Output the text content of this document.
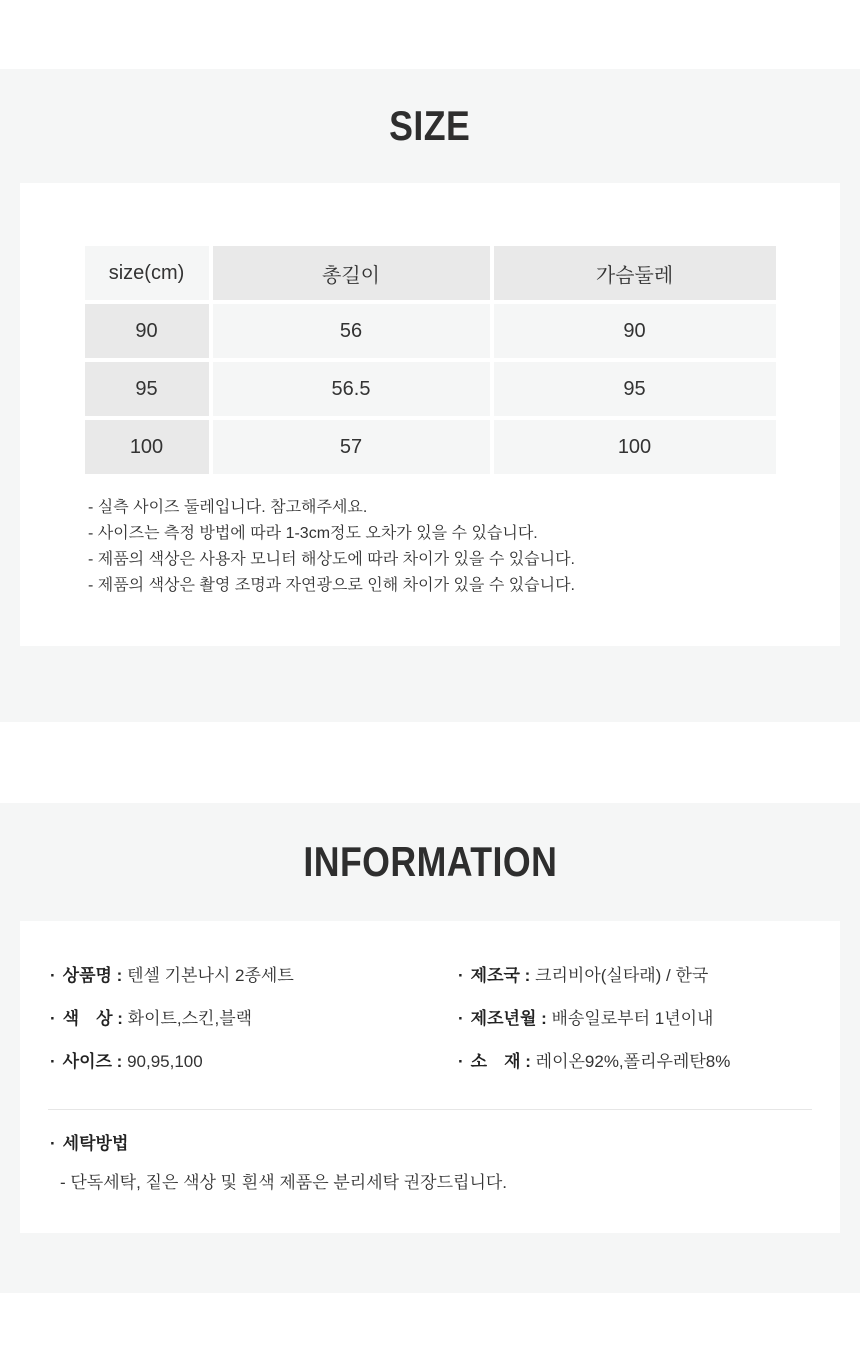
SIZE
size(cm)	총길이	가슴둘레
90	56	90
95	56.5	95
100	57	100
- 실측 사이즈 둘레입니다. 참고해주세요.
- 사이즈는 측정 방법에 따라 1-3cm정도 오차가 있을 수 있습니다.
- 제품의 색상은 사용자 모니터 해상도에 따라 차이가 있을 수 있습니다.
- 제품의 색상은 촬영 조명과 자연광으로 인해 차이가 있을 수 있습니다.
INFORMATION
· 상품명 : 텐셀 기본나시 2종세트	· 제조국 : 크리비아(실타래) / 한국
· 색　상 : 화이트,스킨,블랙	· 제조년월 : 배송일로부터 1년이내
· 사이즈 : 90,95,100	· 소　재 : 레이온92%,폴리우레탄8%
· 세탁방법
- 단독세탁, 짙은 색상 및 흰색 제품은 분리세탁 권장드립니다.
